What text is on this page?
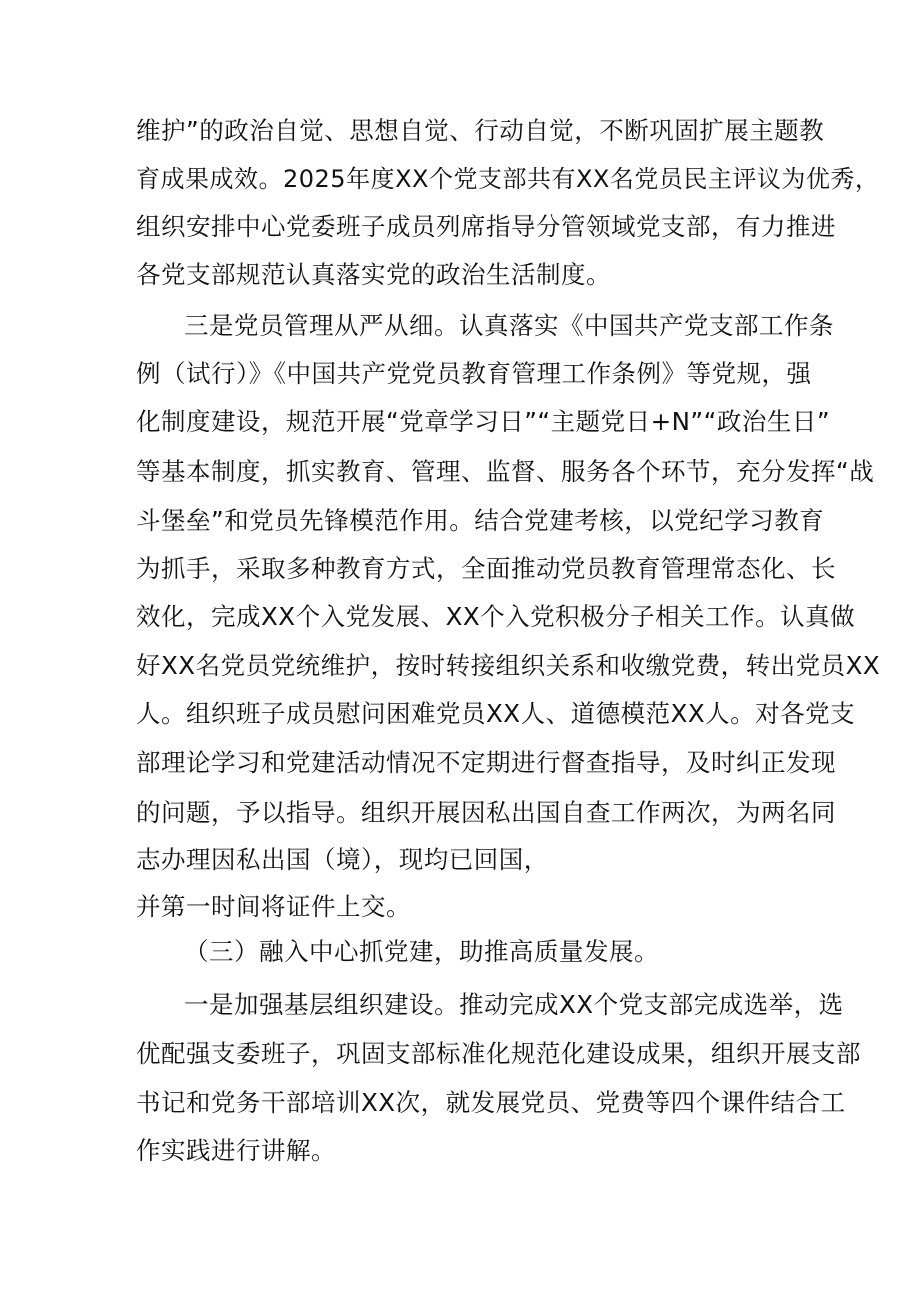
维护”的政治自觉、思想自觉、行动自觉，不断巩固扩展主题教
育成果成效。2025年度XX个党支部共有XX名党员民主评议为优秀，
组织安排中心党委班子成员列席指导分管领域党支部，有力推进
各党支部规范认真落实党的政治生活制度。
三是党员管理从严从细。认真落实《中国共产党支部工作条
例（试行）》《中国共产党党员教育管理工作条例》等党规，强
化制度建设，规范开展“党章学习日”“主题党日+N”“政治生日”
等基本制度，抓实教育、管理、监督、服务各个环节，充分发挥“战
斗堡垒”和党员先锋模范作用。结合党建考核，以党纪学习教育
为抓手，采取多种教育方式，全面推动党员教育管理常态化、长
效化，完成XX个入党发展、XX个入党积极分子相关工作。认真做
好XX名党员党统维护，按时转接组织关系和收缴党费，转出党员XX
人。组织班子成员慰问困难党员XX人、道德模范XX人。对各党支
部理论学习和党建活动情况不定期进行督查指导，及时纠正发现
的问题，予以指导。组织开展因私出国自查工作两次，为两名同
志办理因私出国（境），现均已回国，
并第一时间将证件上交。
（三）融入中心抓党建，助推高质量发展。
一是加强基层组织建设。推动完成XX个党支部完成选举，选
优配强支委班子，巩固支部标准化规范化建设成果，组织开展支部
书记和党务干部培训XX次，就发展党员、党费等四个课件结合工
作实践进行讲解。
